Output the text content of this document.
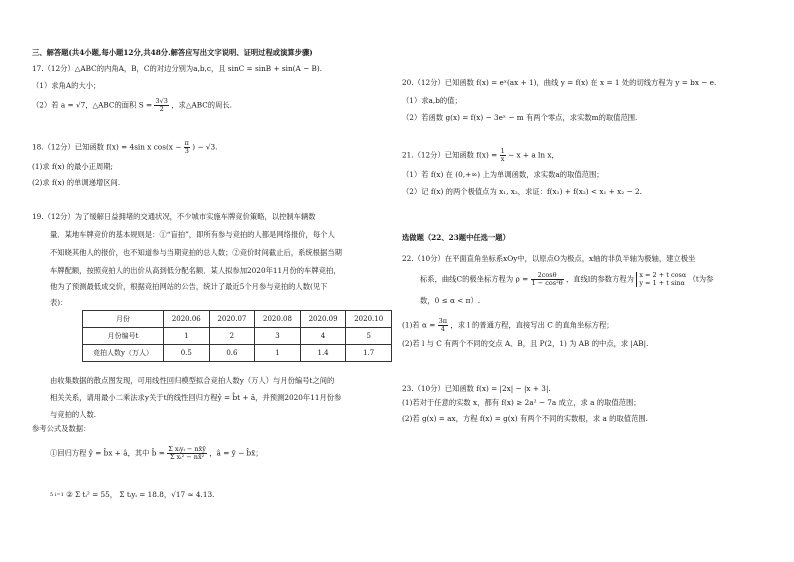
三、解答题(共4小题,每小题12分,共48分.解答应写出文字说明、证明过程或演算步骤)
17.（12分）△ABC的内角A，B，C的对边分别为a,b,c，且 sinC = sinB + sin(A − B).
（1）求角A的大小；
（2）若 a = √7，△ABC的面积 $S = \frac{3√3}{2}$ ，求△ABC的周长.
18.（12分）已知函数 f(x) = 4sin x $\cos(x - \frac{\pi}{3}$ ) − √3.
(1)求 f(x) 的最小正周期;
(2)求 f(x) 的单调递增区间.
19.（12分）为了缓解日益拥堵的交通状况，不少城市实施车牌竞价策略，以控制车辆数
量．某地车牌竞价的基本规则是：①“盲拍”，即所有参与竞拍的人都是网络报价，每个人
不知晓其他人的报价，也不知道参与当期竞拍的总人数；②竞价时间截止后，系统根据当期
车牌配额，按照竞拍人的出价从高到低分配名额．某人拟参加2020年11月份的车牌竞拍，
他为了预测最低成交价，根据竞拍网站的公告，统计了最近5个月参与竞拍的人数(见下
表)：
月份	2020.06	2020.07	2020.08	2020.09	2020.10
月份编号t	1	2	3	4	5
竞拍人数y（万人）	0.5	0.6	1	1.4	1.7
由收集数据的散点图发现，可用线性回归模型拟合竞拍人数y（万人）与月份编号t之间的
相关关系，请用最小二乘法求y关于t的线性回归方程ŷ = b̂t + â，并预测2020年11月份参
与竞拍的人数.
参考公式及数据：
①回归方程 ŷ = b̂x + â，其中 b̂ = $\frac{\text{Σ xᵢyᵢ − nx̄ȳ}}{\text{Σ xᵢ² − nx̄²}}$ ，â = ȳ − b̂x̄；
5 i=1 ② Σ tᵢ² = 55， Σ tᵢyᵢ = 18.8，√17 ≈ 4.13.
20.（12分）已知函数 f(x) = eˣ(ax + 1)，曲线 y = f(x) 在 x = 1 处的切线方程为 y = bx − e.
（1）求a,b的值；
（2）若函数 g(x) = f(x) − 3eˣ − m 有两个零点，求实数m的取值范围.
21.（12分）已知函数 $f(x) = \frac{1}{x} - x + a$ ln x，
（1）若 f(x) 在 (0,+∞) 上为单调函数，求实数a的取值范围；
（2）记 f(x) 的两个极值点为 x₁, x₂，求证：f(x₁) + f(x₂) < x₁ + x₂ − 2.
选做题（22、23题中任选一题）
22.（10分）在平面直角坐标系xOy中，以原点O为极点，x轴的非负半轴为极轴，建立极坐
标系，曲线C的极坐标方程为 $\rho = \frac{2\cos\theta}{\text{1 − cos²θ}}$ ，直线l的参数方程为 x = 2 + t cosα
y = 1 + t sinα （t为参
数，0 ≤ α < π）.
(1)若 $\alpha = \frac{3\pi}{4}$ ，求 l 的普通方程，直接写出 C 的直角坐标方程；
(2)若 l 与 C 有两个不同的交点 A、B，且 P(2，1) 为 AB 的中点，求 |AB|.
23.（10分）已知函数 f(x) = |2x| − |x + 3|.
(1)若对于任意的实数 x，都有 f(x) ≥ 2a² − 7a 成立，求 a 的取值范围；
(2)若 g(x) = ax，方程 f(x) = g(x) 有两个不同的实数根，求 a 的取值范围.
